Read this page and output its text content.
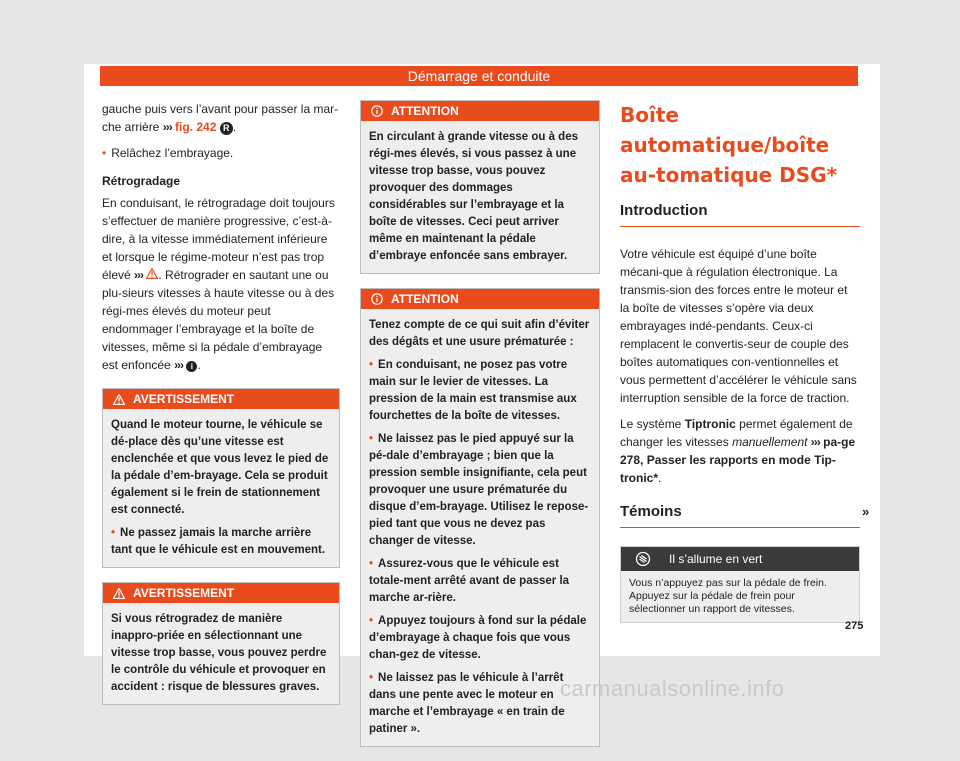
Démarrage et conduite

gauche puis vers l’avant pour passer la mar-che arrière ››› fig. 242 R .

• Relâchez l’embrayage.

Rétrogradage

En conduisant, le rétrogradage doit toujours s’effectuer de manière progressive, c’est-à-dire, à la vitesse immédiatement inférieure et lorsque le régime-moteur n’est pas trop élevé ››› . Rétrograder en sautant une ou plu-sieurs vitesses à haute vitesse ou à des régi-mes élevés du moteur peut endommager l’embrayage et la boîte de vitesses, même si la pédale d’embrayage est enfoncée ››› i .

AVERTISSEMENT

Quand le moteur tourne, le véhicule se dé-place dès qu’une vitesse est enclenchée et que vous levez le pied de la pédale d’em-brayage. Cela se produit également si le frein de stationnement est connecté.

• Ne passez jamais la marche arrière tant que le véhicule est en mouvement.

AVERTISSEMENT

Si vous rétrogradez de manière inappro-priée en sélectionnant une vitesse trop basse, vous pouvez perdre le contrôle du véhicule et provoquer en accident : risque de blessures graves.

ATTENTION

En circulant à grande vitesse ou à des régi-mes élevés, si vous passez à une vitesse trop basse, vous pouvez provoquer des dommages considérables sur l’embrayage et la boîte de vitesses. Ceci peut arriver même en maintenant la pédale d’embraye enfoncée sans embrayer.

ATTENTION

Tenez compte de ce qui suit afin d’éviter des dégâts et une usure prématurée :

• En conduisant, ne posez pas votre main sur le levier de vitesses. La pression de la main est transmise aux fourchettes de la boîte de vitesses.

• Ne laissez pas le pied appuyé sur la pé-dale d’embrayage ; bien que la pression semble insignifiante, cela peut provoquer une usure prématurée du disque d’em-brayage. Utilisez le repose-pied tant que vous ne devez pas changer de vitesse.

• Assurez-vous que le véhicule est totale-ment arrêté avant de passer la marche ar-rière.

• Appuyez toujours à fond sur la pédale d’embrayage à chaque fois que vous chan-gez de vitesse.

• Ne laissez pas le véhicule à l’arrêt dans une pente avec le moteur en marche et l’embrayage « en train de patiner ».

Boîte automatique/boîte au-tomatique DSG*
Introduction

Votre véhicule est équipé d’une boîte mécani-que à régulation électronique. La transmis-sion des forces entre le moteur et la boîte de vitesses s’opère via deux embrayages indé-pendants. Ceux-ci remplacent le convertis-seur de couple des boîtes automatiques con-ventionnelles et vous permettent d’accélérer le véhicule sans interruption sensible de la force de traction.

Le système Tiptronic permet également de changer les vitesses manuellement ››› pa-ge 278, Passer les rapports en mode Tip-tronic*.

Témoins
Il s’allume en vert
Vous n’appuyez pas sur la pédale de frein.
Appuyez sur la pédale de frein pour sélectionner un rapport de vitesses.
»
275
carmanualsonline.info
